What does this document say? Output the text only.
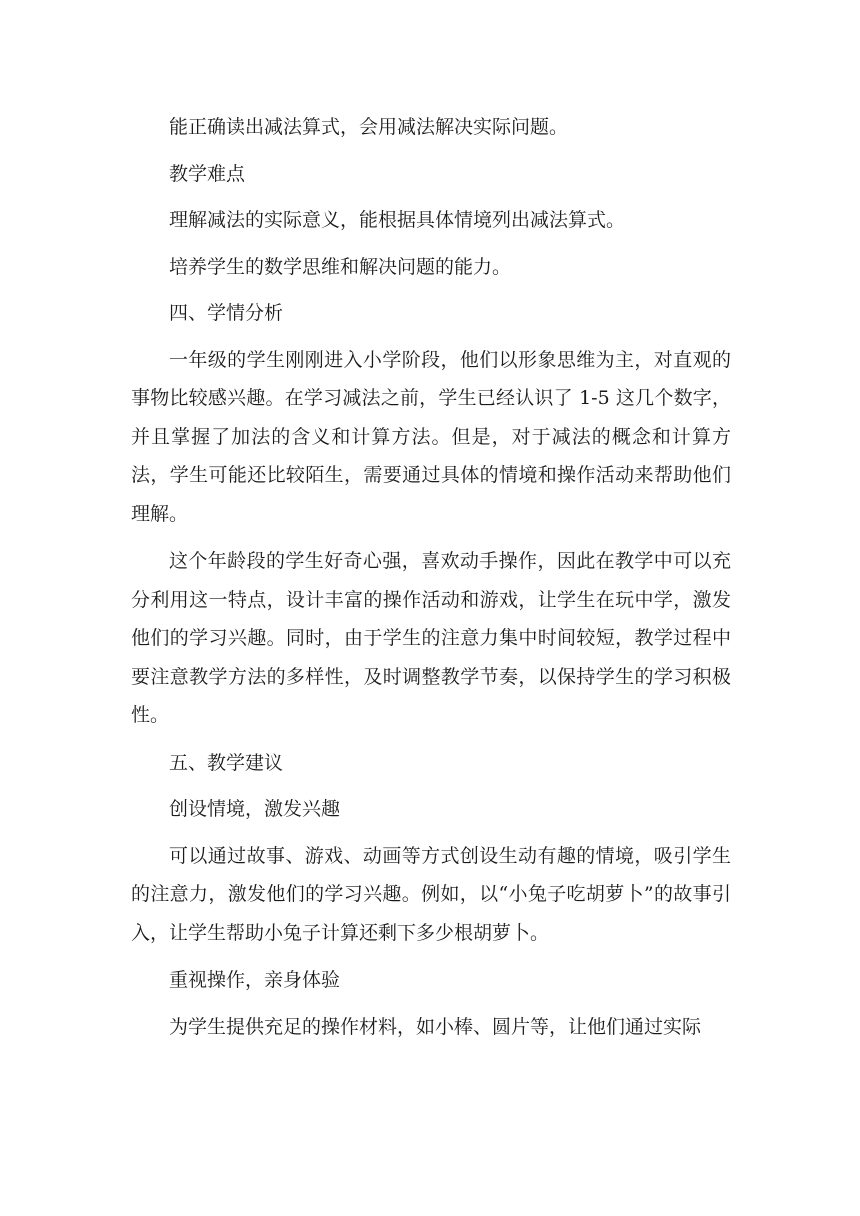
能正确读出减法算式，会用减法解决实际问题。

教学难点

理解减法的实际意义，能根据具体情境列出减法算式。

培养学生的数学思维和解决问题的能力。

四、学情分析

一年级的学生刚刚进入小学阶段，他们以形象思维为主，对直观的事物比较感兴趣。在学习减法之前，学生已经认识了 1-5 这几个数字，并且掌握了加法的含义和计算方法。但是，对于减法的概念和计算方法，学生可能还比较陌生，需要通过具体的情境和操作活动来帮助他们理解。

这个年龄段的学生好奇心强，喜欢动手操作，因此在教学中可以充分利用这一特点，设计丰富的操作活动和游戏，让学生在玩中学，激发他们的学习兴趣。同时，由于学生的注意力集中时间较短，教学过程中要注意教学方法的多样性，及时调整教学节奏，以保持学生的学习积极性。

五、教学建议

创设情境，激发兴趣

可以通过故事、游戏、动画等方式创设生动有趣的情境，吸引学生的注意力，激发他们的学习兴趣。例如，以“小兔子吃胡萝卜”的故事引入，让学生帮助小兔子计算还剩下多少根胡萝卜。

重视操作，亲身体验

为学生提供充足的操作材料，如小棒、圆片等，让他们通过实际
